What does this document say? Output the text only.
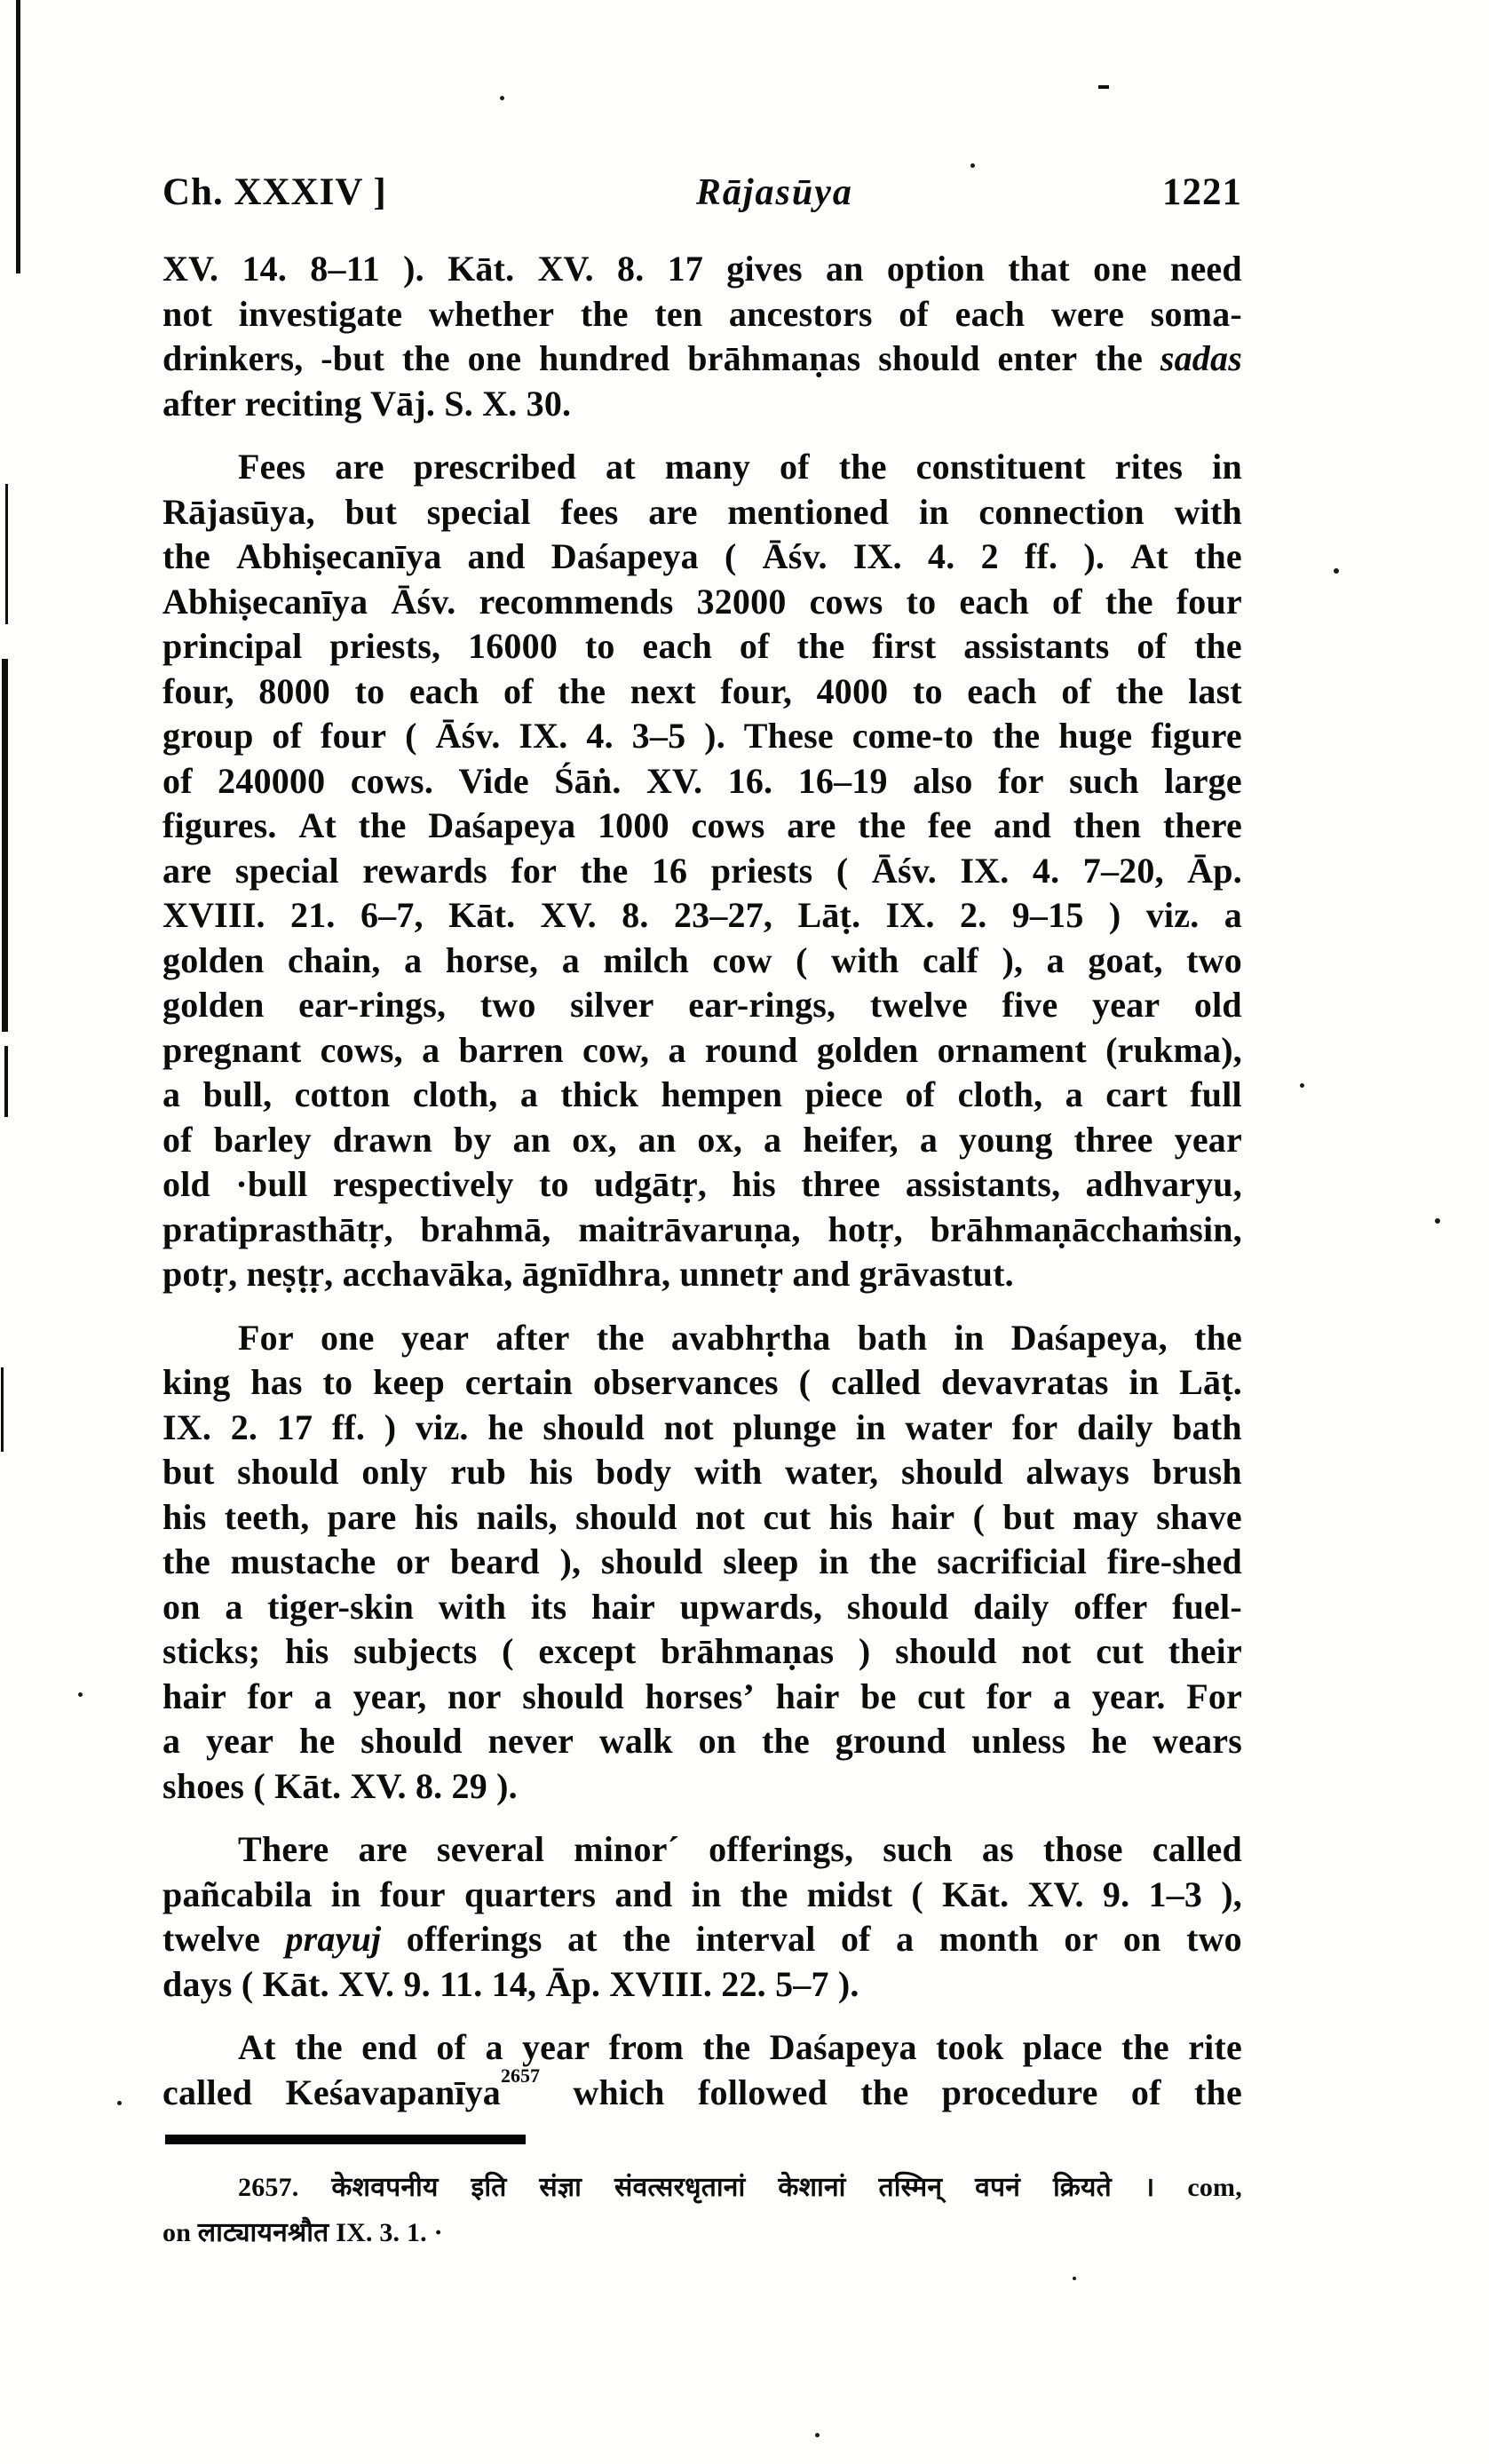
Ch. XXXIV ]	Rājasūya	1221
XV. 14. 8–11 ). Kāt. XV. 8. 17 gives an option that one need
not investigate whether the ten ancestors of each were soma-
drinkers, -but the one hundred brāhmaṇas should enter the sadas
after reciting Vāj. S. X. 30.
Fees are prescribed at many of the constituent rites in
Rājasūya, but special fees are mentioned in connection with
the Abhiṣecanīya and Daśapeya ( Āśv. IX. 4. 2 ff. ). At the
Abhiṣecanīya Āśv. recommends 32000 cows to each of the four
principal priests, 16000 to each of the first assistants of the
four, 8000 to each of the next four, 4000 to each of the last
group of four ( Āśv. IX. 4. 3–5 ). These come-to the huge figure
of 240000 cows. Vide Śāṅ. XV. 16. 16–19 also for such large
figures. At the Daśapeya 1000 cows are the fee and then there
are special rewards for the 16 priests ( Āśv. IX. 4. 7–20, Āp.
XVIII. 21. 6–7, Kāt. XV. 8. 23–27, Lāṭ. IX. 2. 9–15 ) viz. a
golden chain, a horse, a milch cow ( with calf ), a goat, two
golden ear-rings, two silver ear-rings, twelve five year old
pregnant cows, a barren cow, a round golden ornament (rukma),
a bull, cotton cloth, a thick hempen piece of cloth, a cart full
of barley drawn by an ox, an ox, a heifer, a young three year
old ·bull respectively to udgātṛ, his three assistants, adhvaryu,
pratiprasthātṛ, brahmā, maitrāvaruṇa, hotṛ, brāhmaṇācchaṁsin,
potṛ, neṣṭṛ, acchavāka, āgnīdhra, unnetṛ and grāvastut.
For one year after the avabhṛtha bath in Daśapeya, the
king has to keep certain observances ( called devavratas in Lāṭ.
IX. 2. 17 ff. ) viz. he should not plunge in water for daily bath
but should only rub his body with water, should always brush
his teeth, pare his nails, should not cut his hair ( but may shave
the mustache or beard ), should sleep in the sacrificial fire-shed
on a tiger-skin with its hair upwards, should daily offer fuel-
sticks; his subjects ( except brāhmaṇas ) should not cut their
hair for a year, nor should horses’ hair be cut for a year. For
a year he should never walk on the ground unless he wears
shoes ( Kāt. XV. 8. 29 ).
There are several minor´ offerings, such as those called
pañcabila in four quarters and in the midst ( Kāt. XV. 9. 1–3 ),
twelve prayuj offerings at the interval of a month or on two
days ( Kāt. XV. 9. 11. 14, Āp. XVIII. 22. 5–7 ).
At the end of a year from the Daśapeya took place the rite
called Keśavapanīya$^{2657}$ which followed the procedure of the
2657. केशवपनीय इति संज्ञा संवत्सरधृतानां केशानां तस्मिन् वपनं क्रियते । com,
on लाट्यायनश्रौत IX. 3. 1. ·
